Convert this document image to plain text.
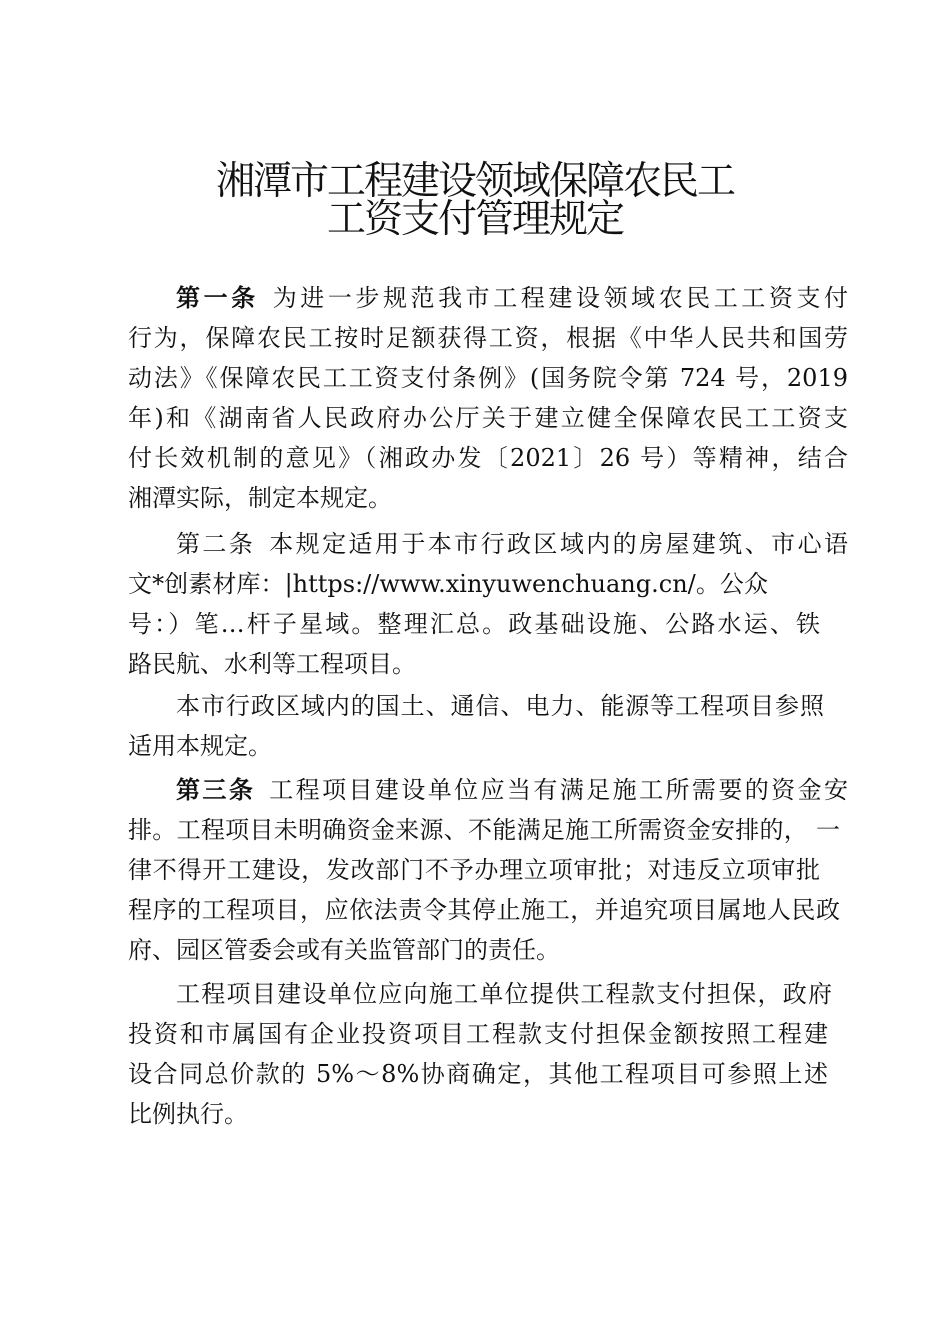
湘潭市工程建设领域保障农民工
工资支付管理规定
第一条 为进一步规范我市工程建设领域农民工工资支付
行为，保障农民工按时足额获得工资，根据《中华人民共和国劳
动法》《保障农民工工资支付条例》(国务院令第 724 号，2019
年)和《湖南省人民政府办公厅关于建立健全保障农民工工资支
付长效机制的意见》（湘政办发〔2021〕26 号）等精神，结合
湘潭实际，制定本规定。
第二条 本规定适用于本市行政区域内的房屋建筑、市心语
文*创素材库：|https://www.xinyuwenchuang.cn/。公众
号：）笔…杆子星域。整理汇总。政基础设施、公路水运、铁
路民航、水利等工程项目。
本市行政区域内的国土、通信、电力、能源等工程项目参照
适用本规定。
第三条 工程项目建设单位应当有满足施工所需要的资金安
排。工程项目未明确资金来源、不能满足施工所需资金安排的， 一
律不得开工建设，发改部门不予办理立项审批；对违反立项审批
程序的工程项目，应依法责令其停止施工，并追究项目属地人民政
府、园区管委会或有关监管部门的责任。
工程项目建设单位应向施工单位提供工程款支付担保，政府
投资和市属国有企业投资项目工程款支付担保金额按照工程建
设合同总价款的 5%～8%协商确定，其他工程项目可参照上述
比例执行。
